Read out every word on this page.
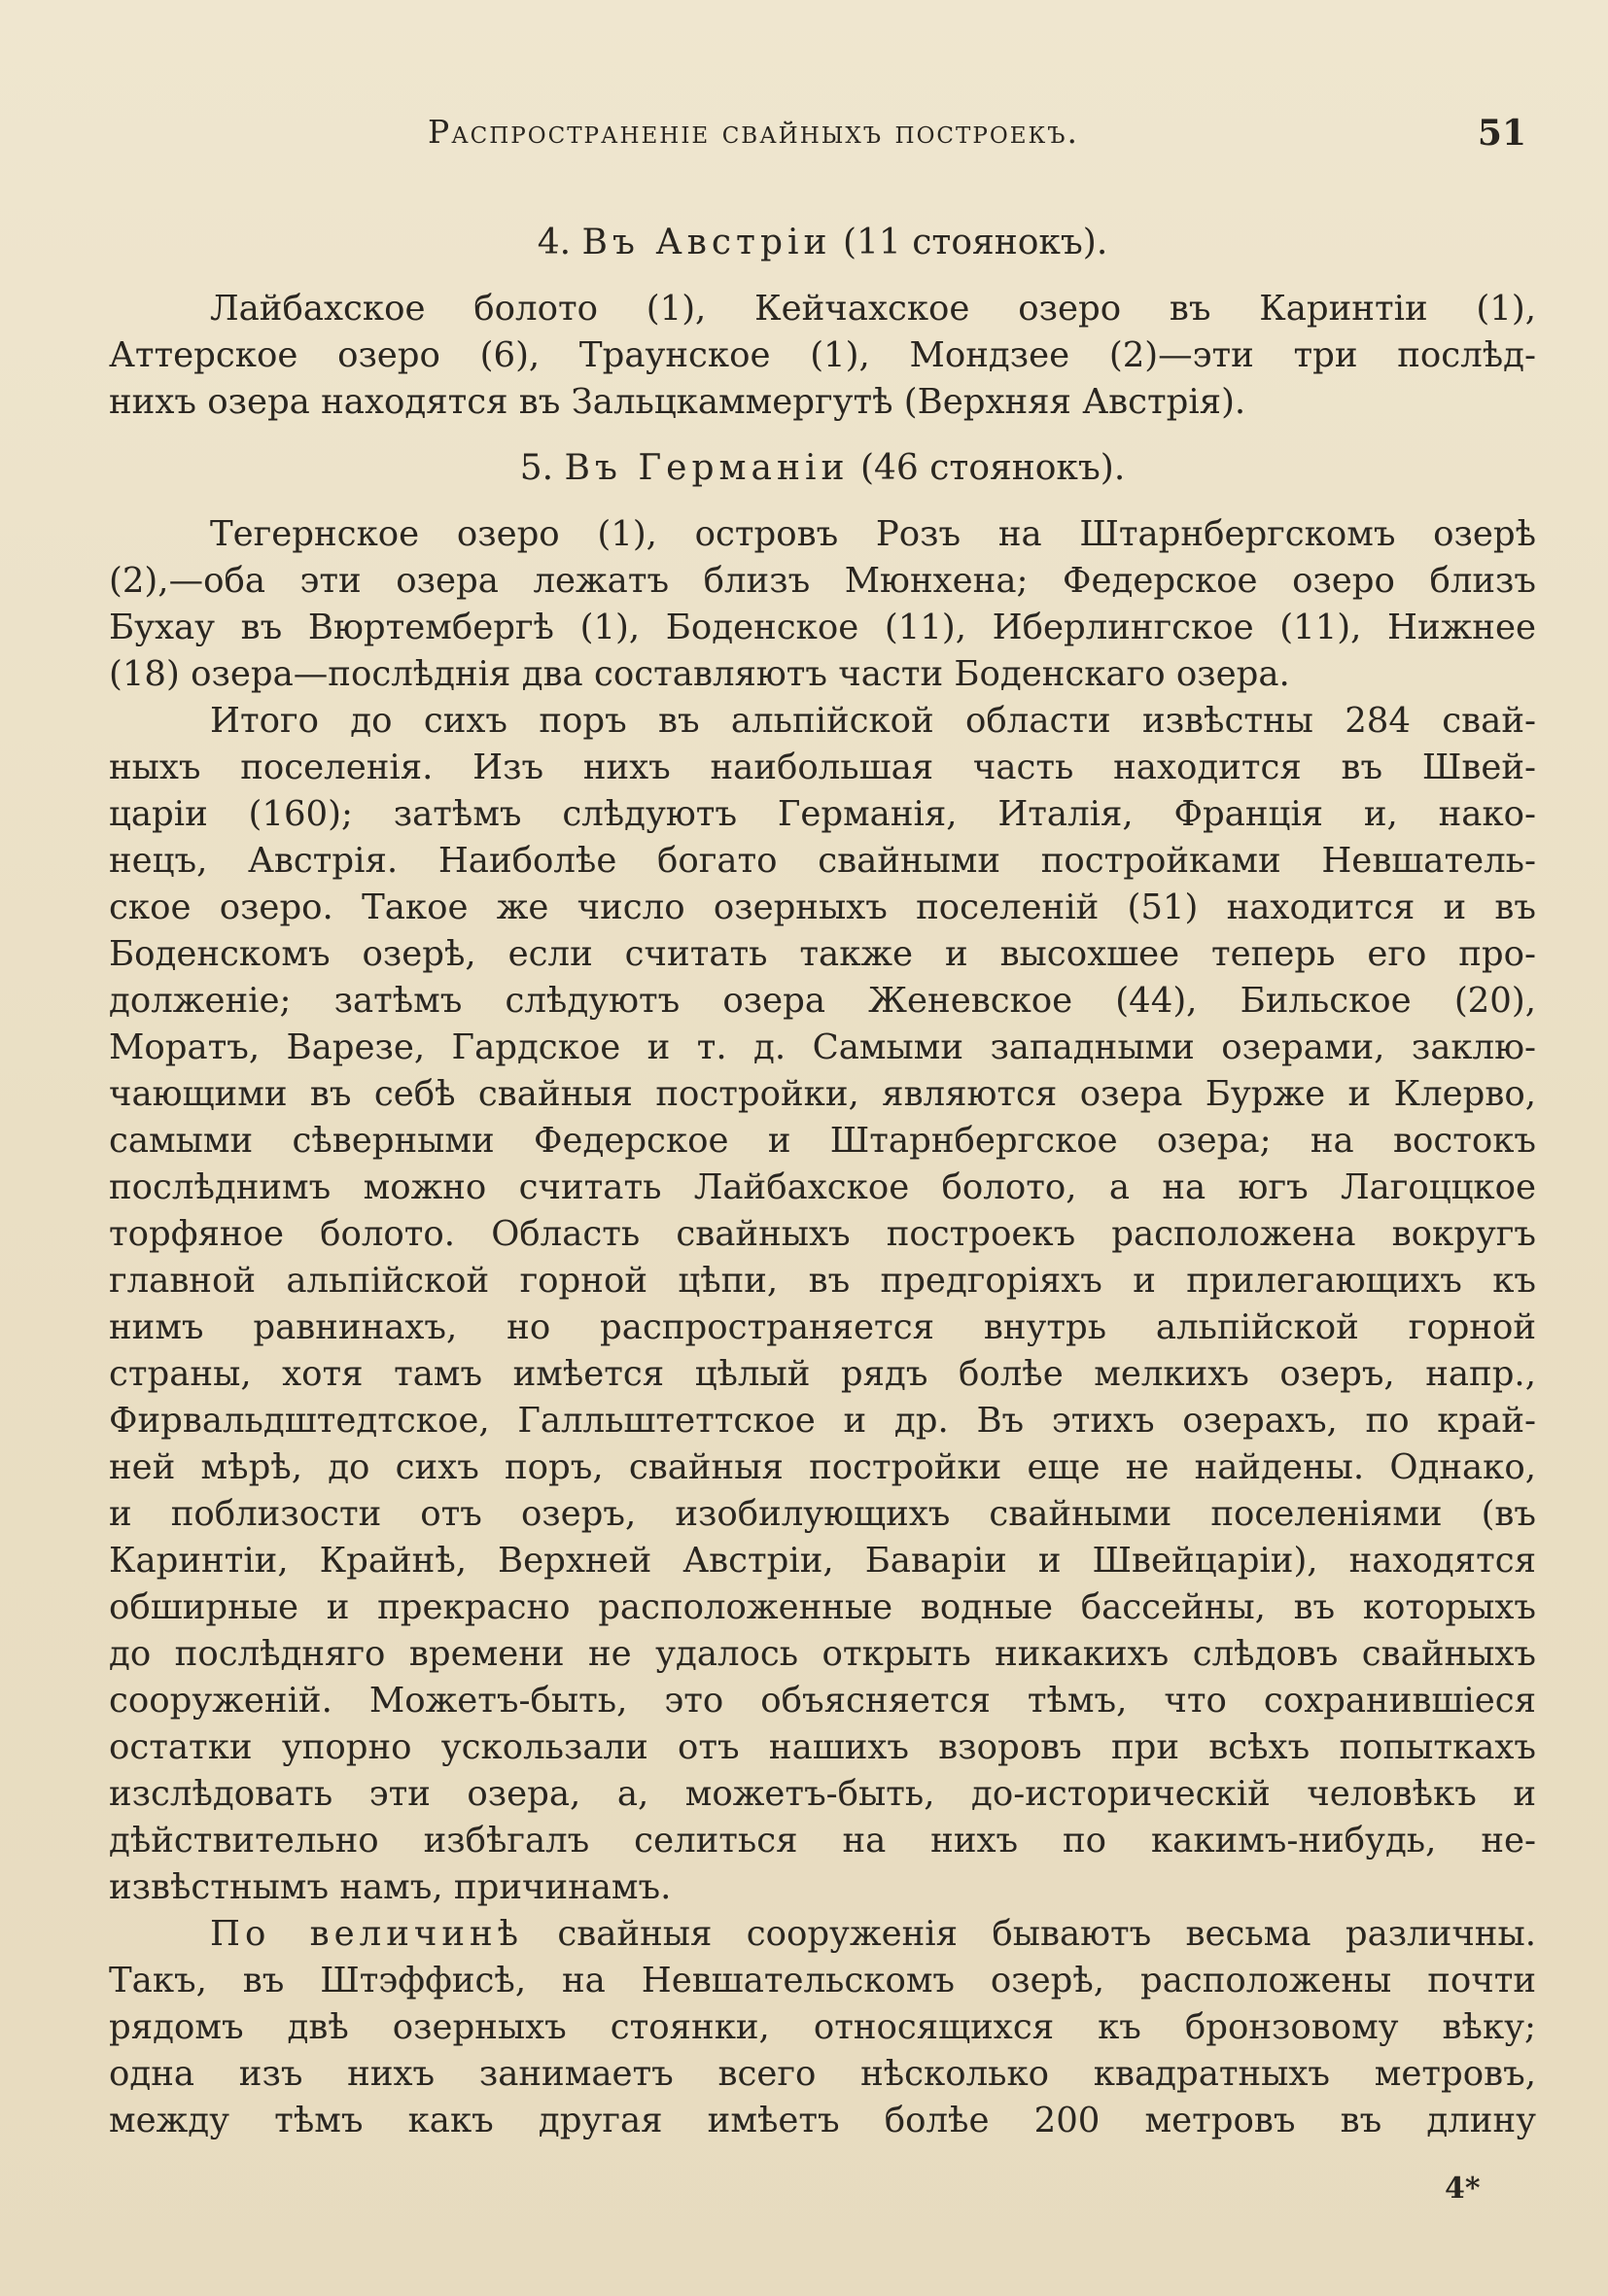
Распространеніе свайныхъ построекъ.	51
4. Въ Австріи (11 стоянокъ).
Лайбахское болото (1), Кейчахское озеро въ Каринтіи (1),
Аттерское озеро (6), Траунское (1), Мондзее (2)—эти три послѣд-
нихъ озера находятся въ Зальцкаммергутѣ (Верхняя Австрія).
5. Въ Германіи (46 стоянокъ).
Тегернское озеро (1), островъ Розъ на Штарнбергскомъ озерѣ
(2),—оба эти озера лежатъ близъ Мюнхена; Федерское озеро близъ
Бухау въ Вюртембергѣ (1), Боденское (11), Иберлингское (11), Нижнее
(18) озера—послѣднія два составляютъ части Боденскаго озера.
Итого до сихъ поръ въ альпійской области извѣстны 284 свай-
ныхъ поселенія. Изъ нихъ наибольшая часть находится въ Швей-
царіи (160); затѣмъ слѣдуютъ Германія, Италія, Франція и, нако-
нецъ, Австрія. Наиболѣе богато свайными постройками Невшатель-
ское озеро. Такое же число озерныхъ поселеній (51) находится и въ
Боденскомъ озерѣ, если считать также и высохшее теперь его про-
долженіе; затѣмъ слѣдуютъ озера Женевское (44), Бильское (20),
Моратъ, Варезе, Гардское и т. д. Самыми западными озерами, заклю-
чающими въ себѣ свайныя постройки, являются озера Бурже и Клерво,
самыми сѣверными Федерское и Штарнбергское озера; на востокъ
послѣднимъ можно считать Лайбахское болото, а на югъ Лагоццкое
торфяное болото. Область свайныхъ построекъ расположена вокругъ
главной альпійской горной цѣпи, въ предгоріяхъ и прилегающихъ къ
нимъ равнинахъ, но распространяется внутрь альпійской горной
страны, хотя тамъ имѣется цѣлый рядъ болѣе мелкихъ озеръ, напр.,
Фирвальдштедтское, Галльштеттское и др. Въ этихъ озерахъ, по край-
ней мѣрѣ, до сихъ поръ, свайныя постройки еще не найдены. Однако,
и поблизости отъ озеръ, изобилующихъ свайными поселеніями (въ
Каринтіи, Крайнѣ, Верхней Австріи, Баваріи и Швейцаріи), находятся
обширные и прекрасно расположенные водные бассейны, въ которыхъ
до послѣдняго времени не удалось открыть никакихъ слѣдовъ свайныхъ
сооруженій. Можетъ-быть, это объясняется тѣмъ, что сохранившіеся
остатки упорно ускользали отъ нашихъ взоровъ при всѣхъ попыткахъ
изслѣдовать эти озера, а, можетъ-быть, до-историческій человѣкъ и
дѣйствительно избѣгалъ селиться на нихъ по какимъ-нибудь, не-
извѣстнымъ намъ, причинамъ.
По величинѣ свайныя сооруженія бываютъ весьма различны.
Такъ, въ Штэффисѣ, на Невшательскомъ озерѣ, расположены почти
рядомъ двѣ озерныхъ стоянки, относящихся къ бронзовому вѣку;
одна изъ нихъ занимаетъ всего нѣсколько квадратныхъ метровъ,
между тѣмъ какъ другая имѣетъ болѣе 200 метровъ въ длину
4*
